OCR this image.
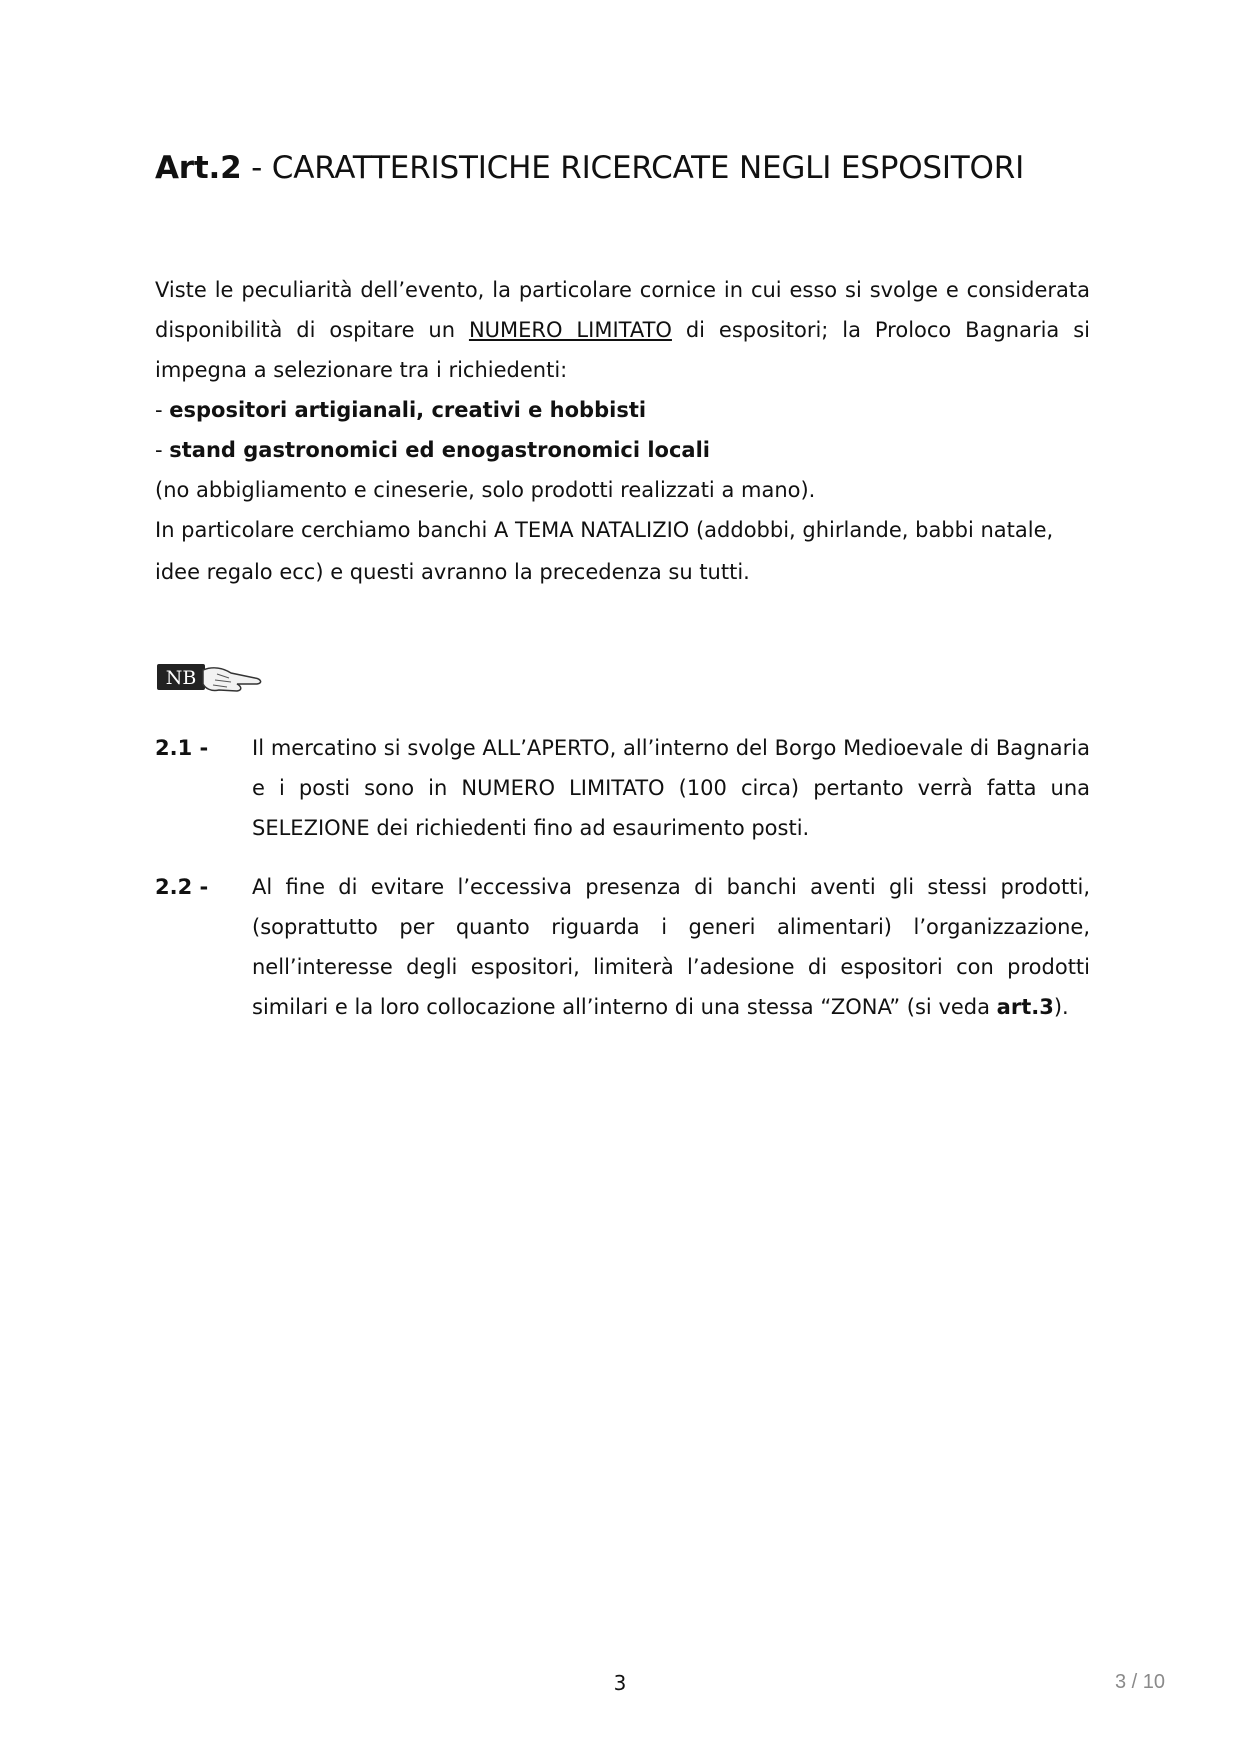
Art.2 - CARATTERISTICHE RICERCATE NEGLI ESPOSITORI

Viste le peculiarità dell’evento, la particolare cornice in cui esso si svolge e considerata disponibilità di ospitare un NUMERO LIMITATO di espositori; la Proloco Bagnaria si impegna a selezionare tra i richiedenti:

- espositori artigianali, creativi e hobbisti

- stand gastronomici ed enogastronomici locali

(no abbigliamento e cineserie, solo prodotti realizzati a mano).

In particolare cerchiamo banchi A TEMA NATALIZIO (addobbi, ghirlande, babbi natale,

idee regalo ecc) e questi avranno la precedenza su tutti.

NB
2.1 -	Il mercatino si svolge ALL’APERTO, all’interno del Borgo Medioevale di Bagnaria e i posti sono in NUMERO LIMITATO (100 circa) pertanto verrà fatta una SELEZIONE dei richiedenti fino ad esaurimento posti.
2.2 -	Al fine di evitare l’eccessiva presenza di banchi aventi gli stessi prodotti, (soprattutto per quanto riguarda i generi alimentari) l’organizzazione, nell’interesse degli espositori, limiterà l’adesione di espositori con prodotti similari e la loro collocazione all’interno di una stessa “ZONA” (si veda art.3).
3	3 / 10
